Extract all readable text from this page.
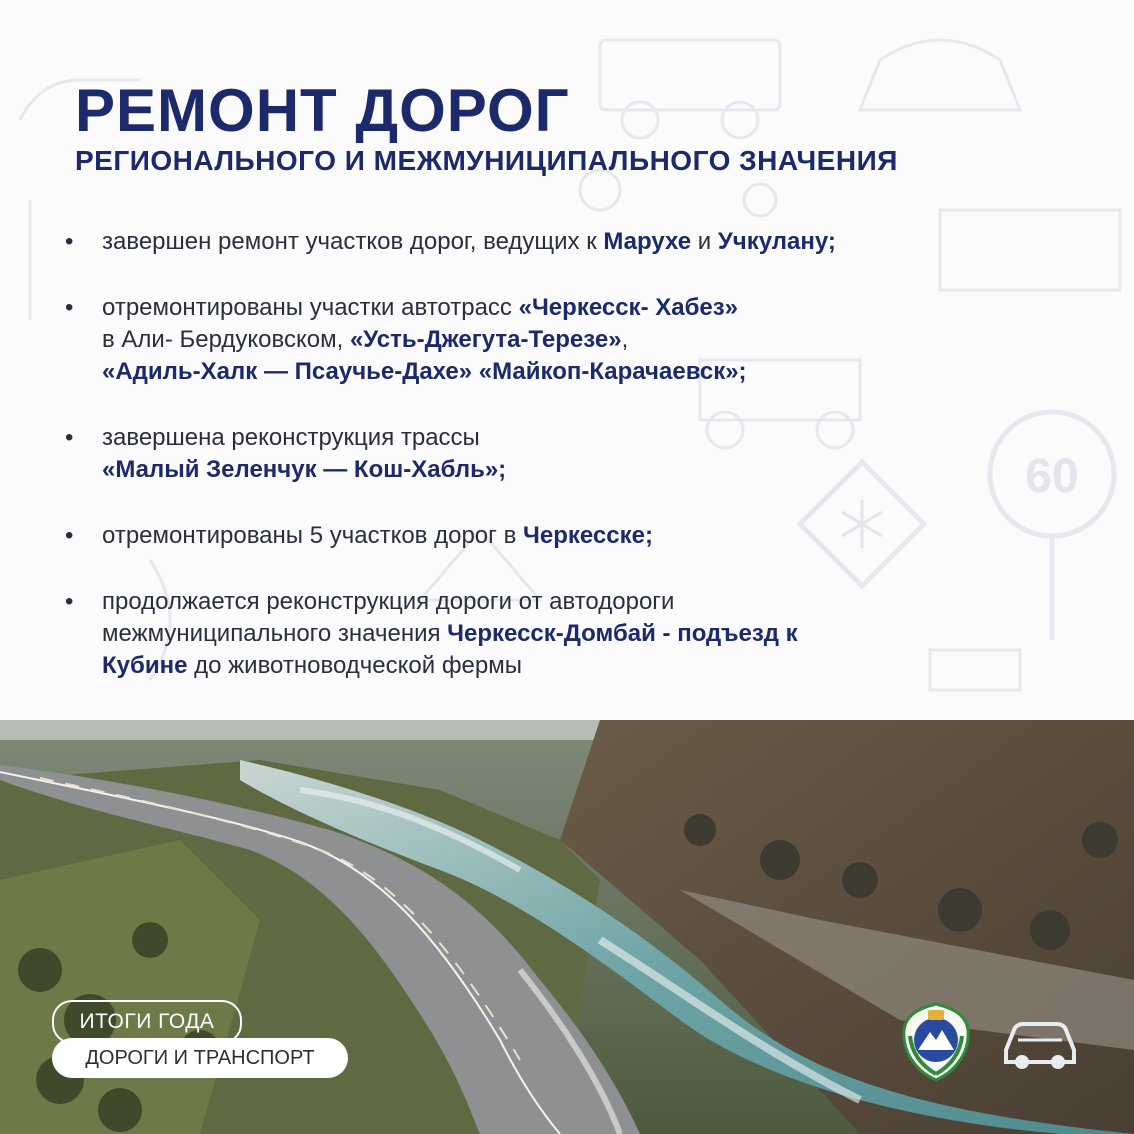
60
РЕМОНТ ДОРОГ
РЕГИОНАЛЬНОГО И МЕЖМУНИЦИПАЛЬНОГО ЗНАЧЕНИЯ
• завершен ремонт участков дорог, ведущих к Марухе и Учкулану;
• отремонтированы участки автотрасс «Черкесск- Хабез»
в Али- Бердуковском, «Усть-Джегута-Терезе»,
«Адиль-Халк — Псаучье-Дахе» «Майкоп-Карачаевск»;
• завершена реконструкция трассы
«Малый Зеленчук — Кош-Хабль»;
• отремонтированы 5 участков дорог в Черкесске;
• продолжается реконструкция дороги от автодороги
межмуниципального значения Черкесск-Домбай - подъезд к
Кубине до животноводческой фермы
ИТОГИ ГОДА
ДОРОГИ И ТРАНСПОРТ
